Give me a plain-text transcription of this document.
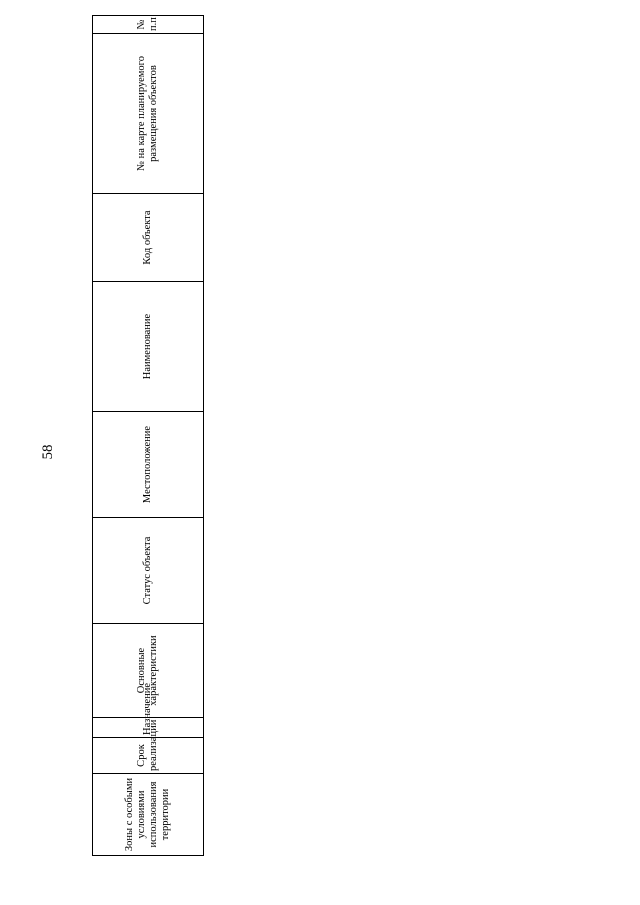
58
Зоны с особыми условиями использования территории	Срок реализации	Назначение	Основные характеристики	Статус объекта	Местоположение	Наименование	Код объекта	№ на карте планируемого размещения объектов	№ п.п
